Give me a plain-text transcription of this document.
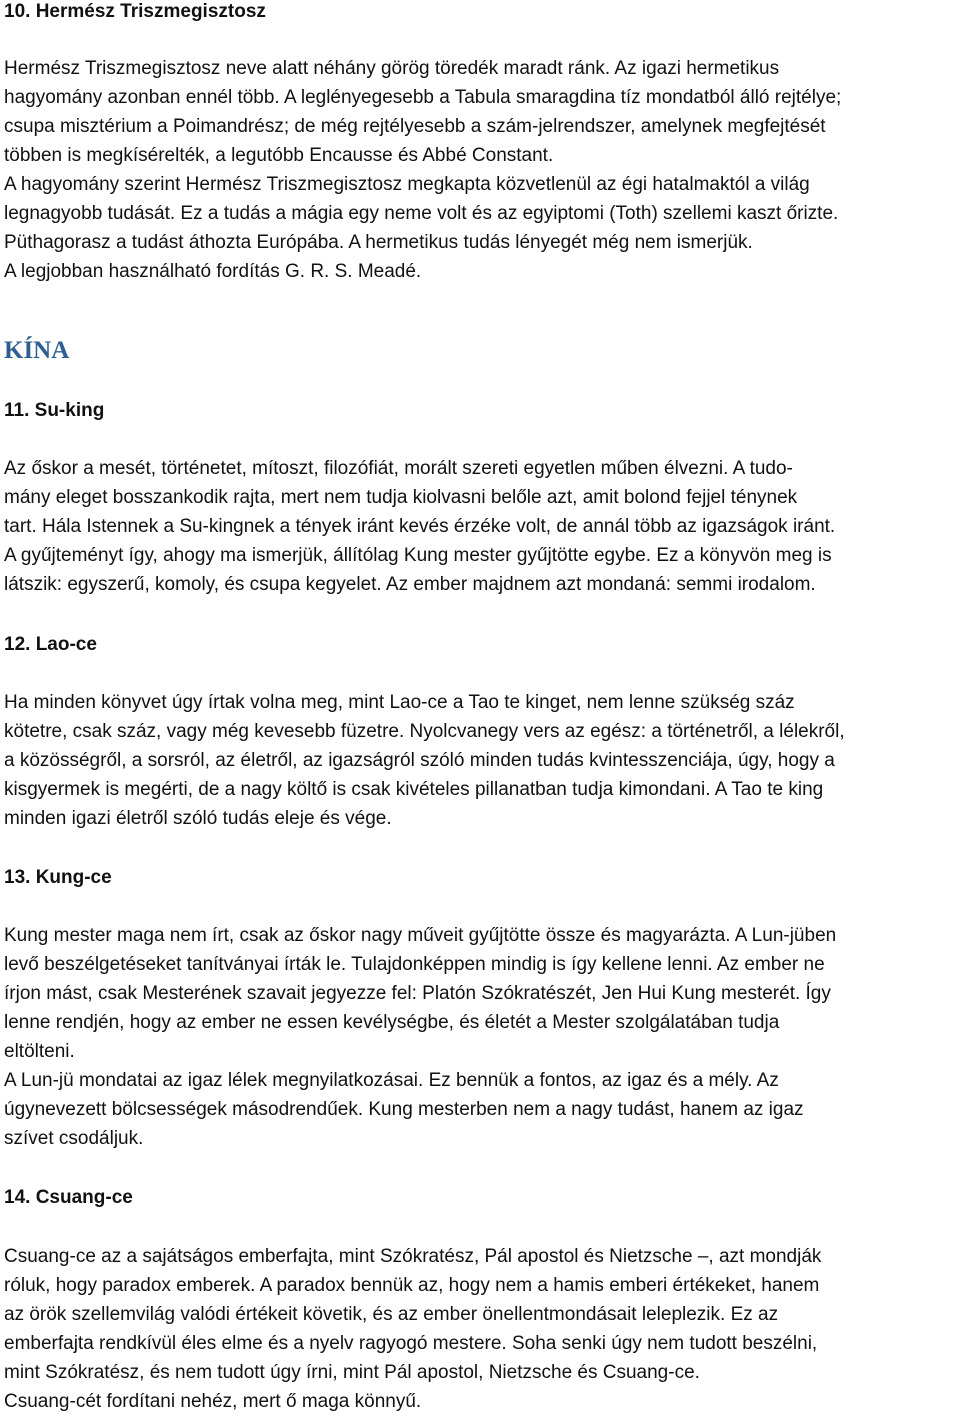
10. Hermész Triszmegisztosz

Hermész Triszmegisztosz neve alatt néhány görög töredék maradt ránk. Az igazi hermetikus

hagyomány azonban ennél több. A leglényegesebb a Tabula smaragdina tíz mondatból álló rejtélye;

csupa misztérium a Poimandrész; de még rejtélyesebb a szám-jelrendszer, amelynek megfejtését

többen is megkísérelték, a legutóbb Encausse és Abbé Constant.

A hagyomány szerint Hermész Triszmegisztosz megkapta közvetlenül az égi hatalmaktól a világ

legnagyobb tudását. Ez a tudás a mágia egy neme volt és az egyiptomi (Toth) szellemi kaszt őrizte.

Püthagorasz a tudást áthozta Európába. A hermetikus tudás lényegét még nem ismerjük.

A legjobban használható fordítás G. R. S. Meadé.

KÍNA

11. Su-king

Az őskor a mesét, történetet, mítoszt, filozófiát, morált szereti egyetlen műben élvezni. A tudo-

mány eleget bosszankodik rajta, mert nem tudja kiolvasni belőle azt, amit bolond fejjel ténynek

tart. Hála Istennek a Su-kingnek a tények iránt kevés érzéke volt, de annál több az igazságok iránt.

A gyűjteményt így, ahogy ma ismerjük, állítólag Kung mester gyűjtötte egybe. Ez a könyvön meg is

látszik: egyszerű, komoly, és csupa kegyelet. Az ember majdnem azt mondaná: semmi irodalom.

12. Lao-ce

Ha minden könyvet úgy írtak volna meg, mint Lao-ce a Tao te kinget, nem lenne szükség száz

kötetre, csak száz, vagy még kevesebb füzetre. Nyolcvanegy vers az egész: a történetről, a lélekről,

a közösségről, a sorsról, az életről, az igazságról szóló minden tudás kvintesszenciája, úgy, hogy a

kisgyermek is megérti, de a nagy költő is csak kivételes pillanatban tudja kimondani. A Tao te king

minden igazi életről szóló tudás eleje és vége.

13. Kung-ce

Kung mester maga nem írt, csak az őskor nagy műveit gyűjtötte össze és magyarázta. A Lun-jüben

levő beszélgetéseket tanítványai írták le. Tulajdonképpen mindig is így kellene lenni. Az ember ne

írjon mást, csak Mesterének szavait jegyezze fel: Platón Szókratészét, Jen Hui Kung mesterét. Így

lenne rendjén, hogy az ember ne essen kevélységbe, és életét a Mester szolgálatában tudja

eltölteni.

A Lun-jü mondatai az igaz lélek megnyilatkozásai. Ez bennük a fontos, az igaz és a mély. Az

úgynevezett bölcsességek másodrendűek. Kung mesterben nem a nagy tudást, hanem az igaz

szívet csodáljuk.

14. Csuang-ce

Csuang-ce az a sajátságos emberfajta, mint Szókratész, Pál apostol és Nietzsche –, azt mondják

róluk, hogy paradox emberek. A paradox bennük az, hogy nem a hamis emberi értékeket, hanem

az örök szellemvilág valódi értékeit követik, és az ember önellentmondásait leleplezik. Ez az

emberfajta rendkívül éles elme és a nyelv ragyogó mestere. Soha senki úgy nem tudott beszélni,

mint Szókratész, és nem tudott úgy írni, mint Pál apostol, Nietzsche és Csuang-ce.

Csuang-cét fordítani nehéz, mert ő maga könnyű.
